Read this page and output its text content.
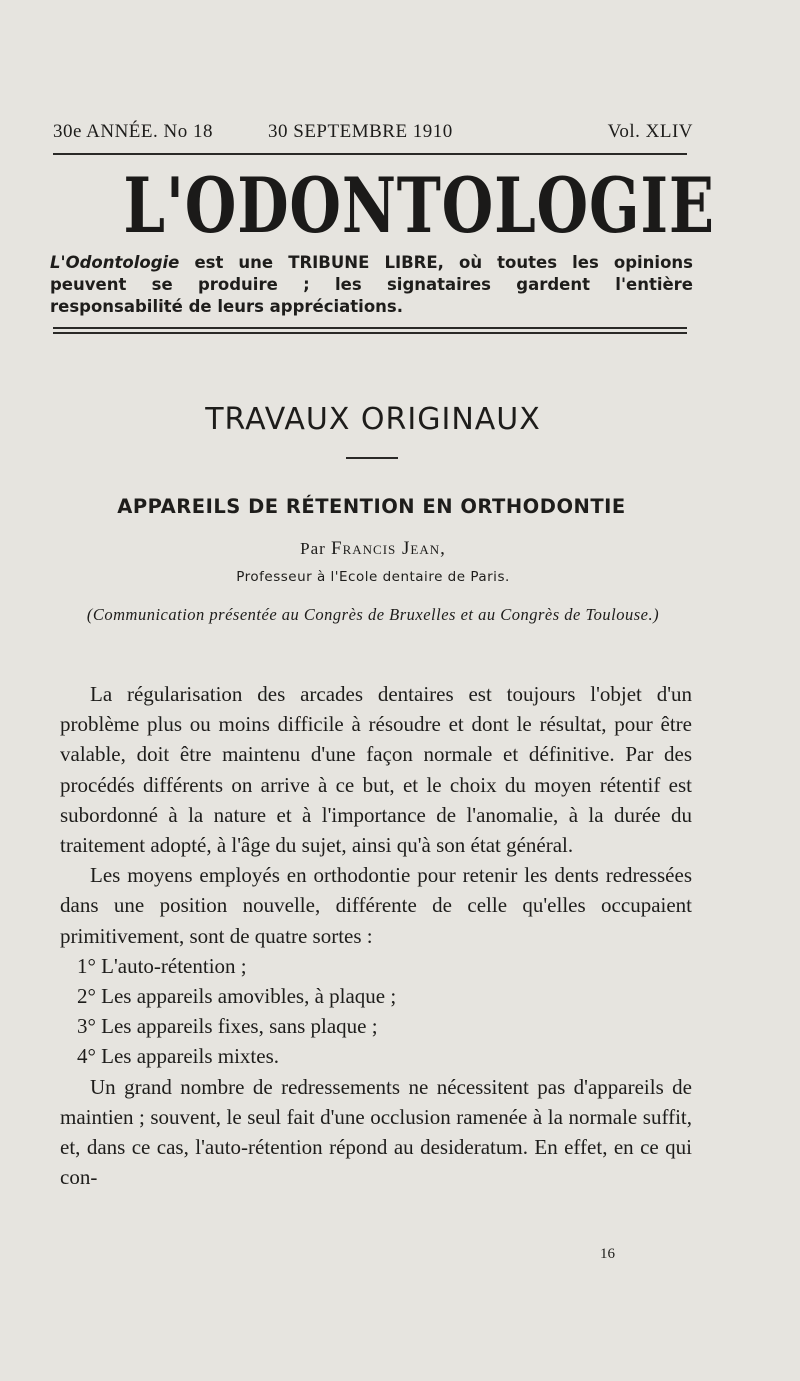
30e ANNÉE. No 18	30 SEPTEMBRE 1910	Vol. XLIV
L'ODONTOLOGIE
L'Odontologie est une TRIBUNE LIBRE, où toutes les opinions peuvent se produire ; les signataires gardent l'entière responsabilité de leurs appréciations.
TRAVAUX ORIGINAUX
APPAREILS DE RÉTENTION EN ORTHODONTIE
Par Francis Jean,
Professeur à l'Ecole dentaire de Paris.
(Communication présentée au Congrès de Bruxelles et au Congrès de Toulouse.)

La régularisation des arcades dentaires est toujours l'objet d'un problème plus ou moins difficile à résoudre et dont le résultat, pour être valable, doit être maintenu d'une façon normale et définitive. Par des procédés différents on arrive à ce but, et le choix du moyen rétentif est subordonné à la nature et à l'importance de l'anomalie, à la durée du traitement adopté, à l'âge du sujet, ainsi qu'à son état général.

Les moyens employés en orthodontie pour retenir les dents redressées dans une position nouvelle, différente de celle qu'elles occupaient primitivement, sont de quatre sortes :

1° L'auto-rétention ;

2° Les appareils amovibles, à plaque ;

3° Les appareils fixes, sans plaque ;

4° Les appareils mixtes.

Un grand nombre de redressements ne nécessitent pas d'appareils de maintien ; souvent, le seul fait d'une occlusion ramenée à la normale suffit, et, dans ce cas, l'auto-rétention répond au desideratum. En effet, en ce qui con-

16
